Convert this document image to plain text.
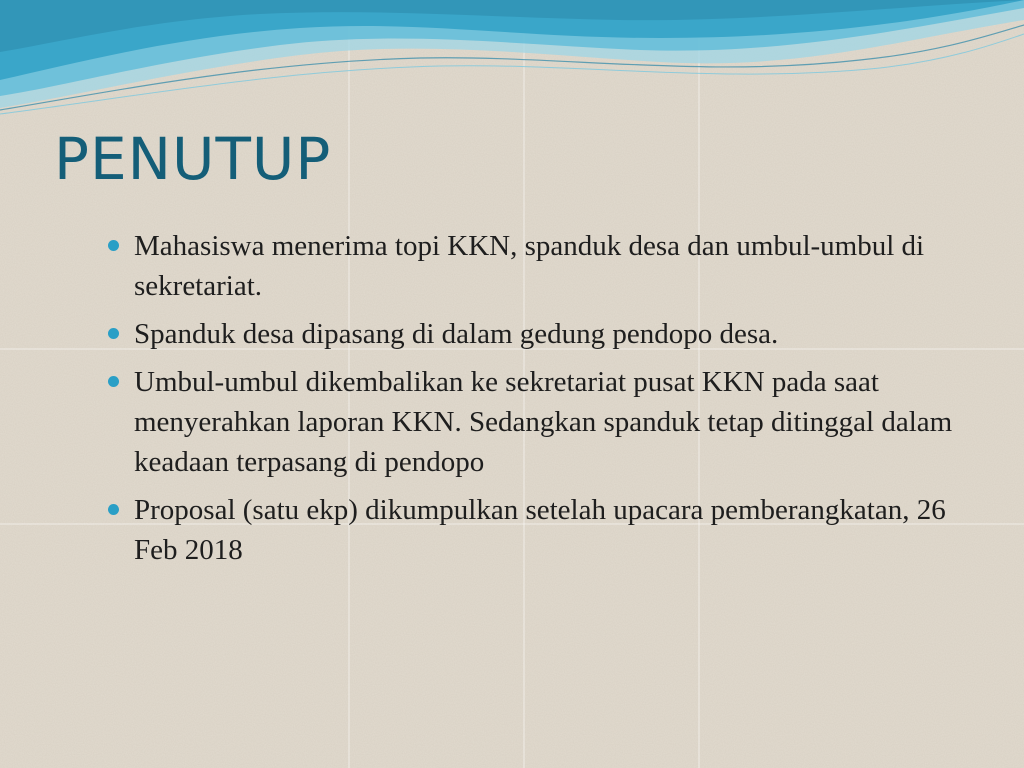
PENUTUP
Mahasiswa menerima topi KKN, spanduk desa dan umbul-umbul di sekretariat.
Spanduk desa dipasang di dalam gedung pendopo desa.
Umbul-umbul dikembalikan ke sekretariat pusat KKN pada saat menyerahkan laporan KKN. Sedangkan spanduk tetap ditinggal dalam keadaan terpasang di pendopo
Proposal (satu ekp) dikumpulkan setelah upacara pemberangkatan, 26 Feb 2018
